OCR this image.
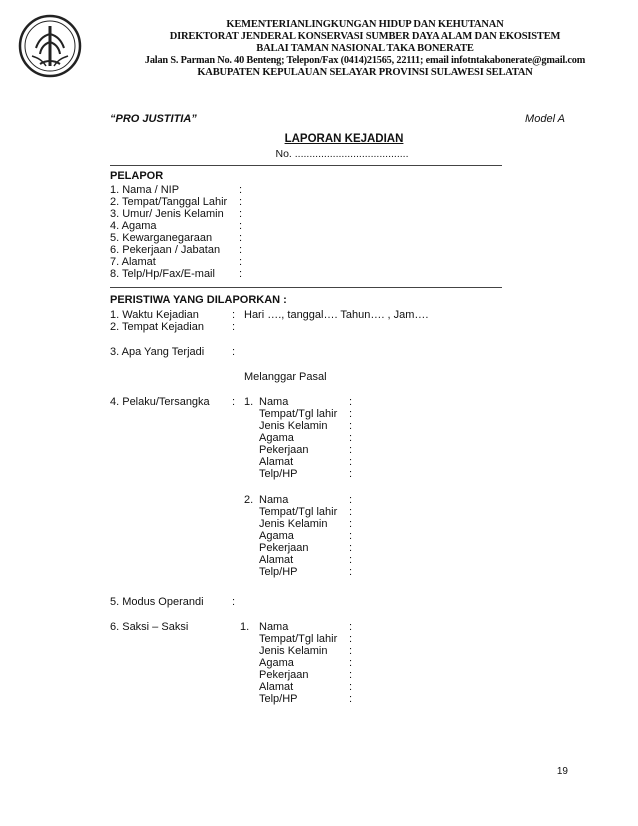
KEMENTERIANLINGKUNGAN HIDUP DAN KEHUTANAN
DIREKTORAT JENDERAL KONSERVASI SUMBER DAYA ALAM DAN EKOSISTEM
BALAI TAMAN NASIONAL TAKA BONERATE
Jalan S. Parman No. 40 Benteng; Telepon/Fax (0414)21565, 22111; email infotntakabonerate@gmail.com
KABUPATEN KEPULAUAN SELAYAR PROVINSI SULAWESI SELATAN
“PRO JUSTITIA”	Model A
LAPORAN KEJADIAN
No. .......................................
PELAPOR
1. Nama / NIP	:
2. Tempat/Tanggal Lahir :
3. Umur/ Jenis Kelamin :
4. Agama	:
5. Kewarganegaraan :
6. Pekerjaan / Jabatan :
7. Alamat	:
8. Telp/Hp/Fax/E-mail :
PERISTIWA YANG DILAPORKAN :
1. Waktu Kejadian	: Hari …., tanggal…. Tahun…. , Jam….
2. Tempat Kejadian	:
3. Apa Yang Terjadi	:
Melanggar Pasal
4. Pelaku/Tersangka : 1. Nama	:
Tempat/Tgl lahir :
Jenis Kelamin :
Agama	:
Pekerjaan	:
Alamat	:
Telp/HP	:
2. Nama	:
Tempat/Tgl lahir :
Jenis Kelamin :
Agama	:
Pekerjaan	:
Alamat	:
Telp/HP	:
5. Modus Operandi	:
6. Saksi – Saksi	1. Nama	:
Tempat/Tgl lahir :
Jenis Kelamin :
Agama	:
Pekerjaan	:
Alamat	:
Telp/HP	:
19
